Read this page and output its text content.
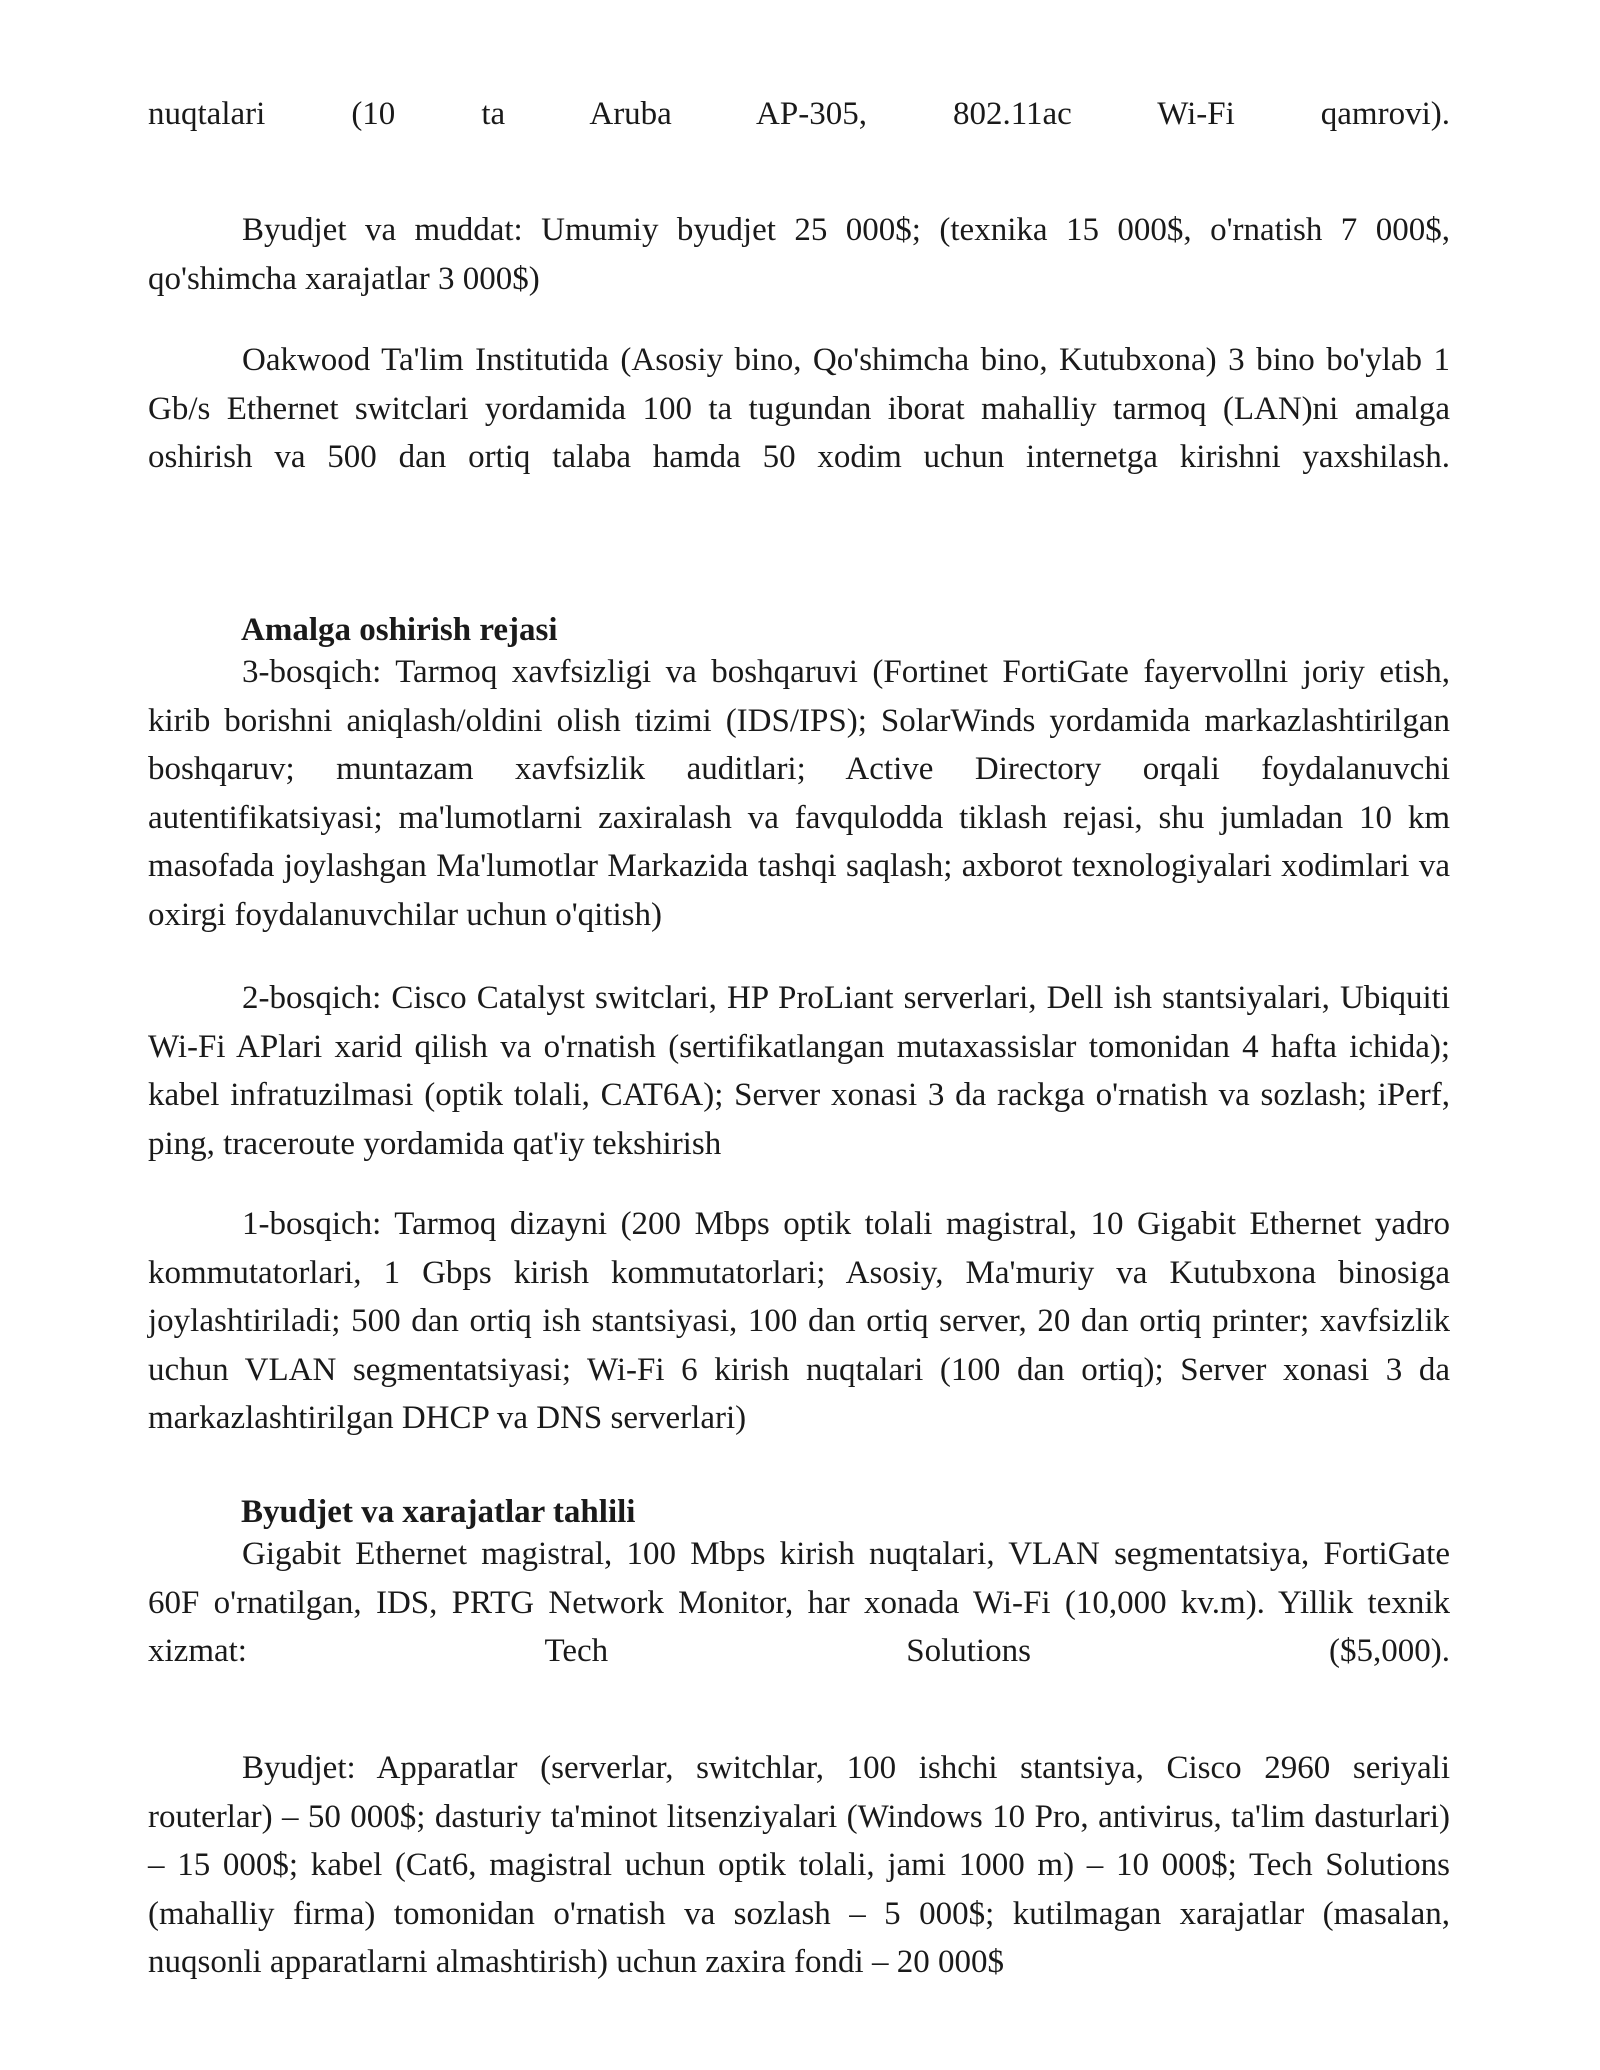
nuqtalari (10 ta Aruba AP-305, 802.11ac Wi-Fi qamrovi).

Byudjet va muddat: Umumiy byudjet 25 000$; (texnika 15 000$, o'rnatish 7 000$, qo'shimcha xarajatlar 3 000$)

Oakwood Ta'lim Institutida (Asosiy bino, Qo'shimcha bino, Kutubxona) 3 bino bo'ylab 1 Gb/s Ethernet switclari yordamida 100 ta tugundan iborat mahalliy tarmoq (LAN)ni amalga oshirish va 500 dan ortiq talaba hamda 50 xodim uchun internetga kirishni yaxshilash.

Amalga oshirish rejasi

3-bosqich: Tarmoq xavfsizligi va boshqaruvi (Fortinet FortiGate fayervollni joriy etish, kirib borishni aniqlash/oldini olish tizimi (IDS/IPS); SolarWinds yordamida markazlashtirilgan boshqaruv; muntazam xavfsizlik auditlari; Active Directory orqali foydalanuvchi autentifikatsiyasi; ma'lumotlarni zaxiralash va favqulodda tiklash rejasi, shu jumladan 10 km masofada joylashgan Ma'lumotlar Markazida tashqi saqlash; axborot texnologiyalari xodimlari va oxirgi foydalanuvchilar uchun o'qitish)

2-bosqich: Cisco Catalyst switclari, HP ProLiant serverlari, Dell ish stantsiyalari, Ubiquiti Wi-Fi APlari xarid qilish va o'rnatish (sertifikatlangan mutaxassislar tomonidan 4 hafta ichida); kabel infratuzilmasi (optik tolali, CAT6A); Server xonasi 3 da rackga o'rnatish va sozlash; iPerf, ping, traceroute yordamida qat'iy tekshirish

1-bosqich: Tarmoq dizayni (200 Mbps optik tolali magistral, 10 Gigabit Ethernet yadro kommutatorlari, 1 Gbps kirish kommutatorlari; Asosiy, Ma'muriy va Kutubxona binosiga joylashtiriladi; 500 dan ortiq ish stantsiyasi, 100 dan ortiq server, 20 dan ortiq printer; xavfsizlik uchun VLAN segmentatsiyasi; Wi-Fi 6 kirish nuqtalari (100 dan ortiq); Server xonasi 3 da markazlashtirilgan DHCP va DNS serverlari)

Byudjet va xarajatlar tahlili

Gigabit Ethernet magistral, 100 Mbps kirish nuqtalari, VLAN segmentatsiya, FortiGate 60F o'rnatilgan, IDS, PRTG Network Monitor, har xonada Wi-Fi (10,000 kv.m). Yillik texnik xizmat: Tech Solutions ($5,000).

Byudjet: Apparatlar (serverlar, switchlar, 100 ishchi stantsiya, Cisco 2960 seriyali routerlar) – 50 000$; dasturiy ta'minot litsenziyalari (Windows 10 Pro, antivirus, ta'lim dasturlari) – 15 000$; kabel (Cat6, magistral uchun optik tolali, jami 1000 m) – 10 000$; Tech Solutions (mahalliy firma) tomonidan o'rnatish va sozlash – 5 000$; kutilmagan xarajatlar (masalan, nuqsonli apparatlarni almashtirish) uchun zaxira fondi – 20 000$
